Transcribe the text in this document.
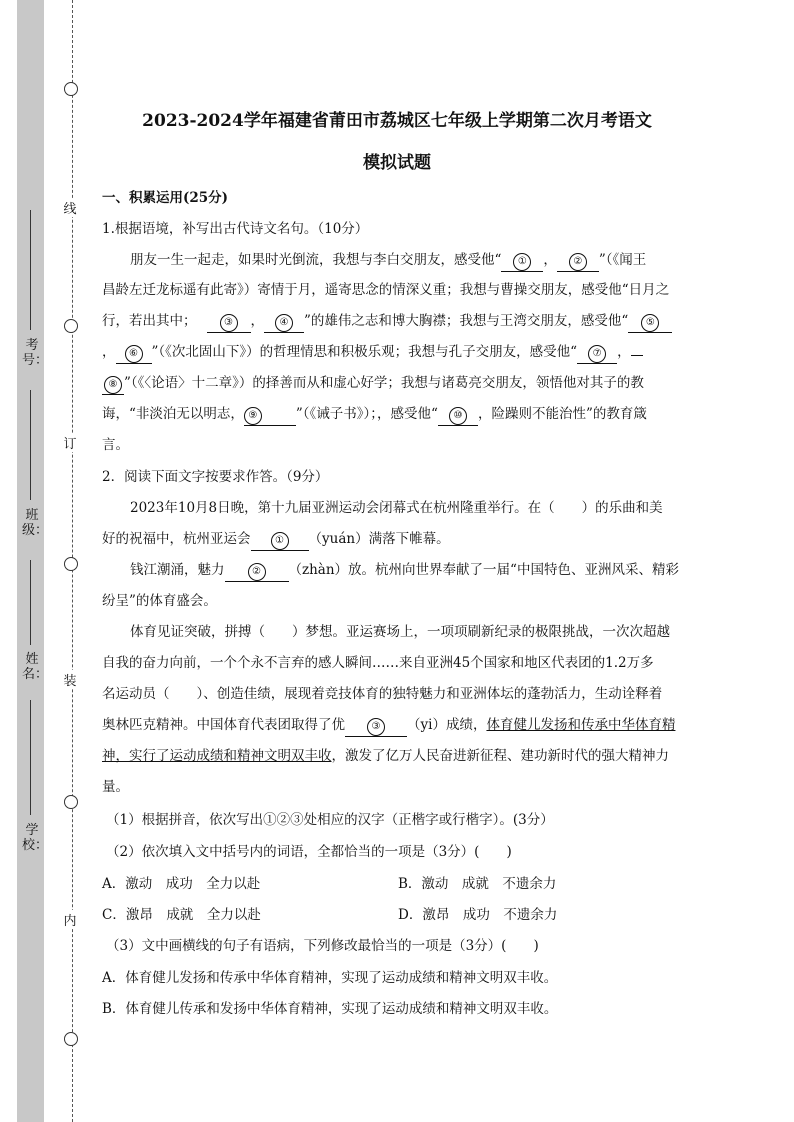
线
订
装
内
考号：
班级：
姓名：
学校：
2023-2024学年福建省莆田市荔城区七年级上学期第二次月考语文
模拟试题
一、积累运用(25分)
1.根据语境，补写出古代诗文名句。（10分）
朋友一生一起走，如果时光倒流，我想与李白交朋友，感受他“ ① ， ② ”（《闻王
昌龄左迁龙标遥有此寄》）寄情于月，遥寄思念的情深义重；我想与曹操交朋友，感受他“日月之
行，若出其中；	③ ， ④ ”的雄伟之志和博大胸襟；我想与王湾交朋友，感受他“ ⑤
， ⑥ ”（《次北固山下》）的哲理情思和积极乐观；我想与孔子交朋友，感受他“ ⑦ ，
⑧ ”（《〈论语〉十二章》）的择善而从和虚心好学；我想与诸葛亮交朋友，领悟他对其子的教
诲，“非淡泊无以明志， ⑨	”（《诫子书》）；，感受他“ ⑩ ，险躁则不能治性”的教育箴
言。
2．阅读下面文字按要求作答。（9分）
2023年10月8日晚，第十九届亚洲运动会闭幕式在杭州隆重举行。在（　　）的乐曲和美
好的祝福中，杭州亚运会 ① （yuán）满落下帷幕。
钱江潮涌，魅力	② （zhàn）放。杭州向世界奉献了一届“中国特色、亚洲风采、精彩
纷呈”的体育盛会。
体育见证突破，拼搏（　　）梦想。亚运赛场上，一项项刷新纪录的极限挑战，一次次超越
自我的奋力向前，一个个永不言弃的感人瞬间……来自亚洲45个国家和地区代表团的1.2万多
名运动员（　　）、创造佳绩，展现着竞技体育的独特魅力和亚洲体坛的蓬勃活力，生动诠释着
奥林匹克精神。中国体育代表团取得了优	③ （yi）成绩，体育健儿发扬和传承中华体育精
神，实行了运动成绩和精神文明双丰收，激发了亿万人民奋进新征程、建功新时代的强大精神力
量。
（1）根据拼音，依次写出①②③处相应的汉字（正楷字或行楷字）。(3分）
（2）依次填入文中括号内的词语，全都恰当的一项是（3分）(　　)
A．激动　成功　全力以赴	B．激动　成就　不遗余力
C．激昂　成就　全力以赴	D．激昂　成功　不遗余力
（3）文中画横线的句子有语病，下列修改最恰当的一项是（3分）(　　)
A．体育健儿发扬和传承中华体育精神，实现了运动成绩和精神文明双丰收。
B．体育健儿传承和发扬中华体育精神，实现了运动成绩和精神文明双丰收。
